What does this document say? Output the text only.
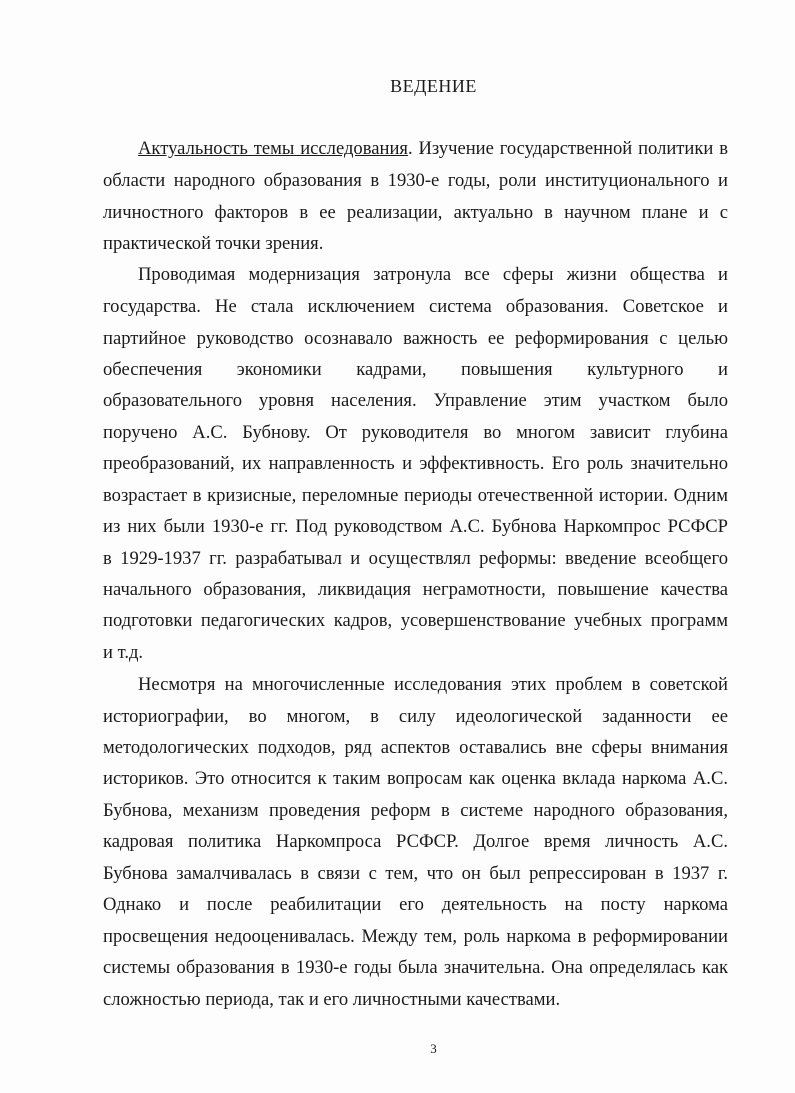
ВЕДЕНИЕ
Актуальность темы исследования. Изучение государственной политики в
области народного образования в 1930-е годы, роли институционального и
личностного факторов в ее реализации, актуально в научном плане и с
практической точки зрения.
Проводимая модернизация затронула все сферы жизни общества и
государства. Не стала исключением система образования. Советское и
партийное руководство осознавало важность ее реформирования с целью
обеспечения экономики кадрами, повышения культурного и
образовательного уровня населения. Управление этим участком было
поручено А.С. Бубнову. От руководителя во многом зависит глубина
преобразований, их направленность и эффективность. Его роль значительно
возрастает в кризисные, переломные периоды отечественной истории. Одним
из них были 1930-е гг. Под руководством А.С. Бубнова Наркомпрос РСФСР
в 1929-1937 гг. разрабатывал и осуществлял реформы: введение всеобщего
начального образования, ликвидация неграмотности, повышение качества
подготовки педагогических кадров, усовершенствование учебных программ
и т.д.
Несмотря на многочисленные исследования этих проблем в советской
историографии, во многом, в силу идеологической заданности ее
методологических подходов, ряд аспектов оставались вне сферы внимания
историков. Это относится к таким вопросам как оценка вклада наркома А.С.
Бубнова, механизм проведения реформ в системе народного образования,
кадровая политика Наркомпроса РСФСР. Долгое время личность А.С.
Бубнова замалчивалась в связи с тем, что он был репрессирован в 1937 г.
Однако и после реабилитации его деятельность на посту наркома
просвещения недооценивалась. Между тем, роль наркома в реформировании
системы образования в 1930-е годы была значительна. Она определялась как
сложностью периода, так и его личностными качествами.
3
